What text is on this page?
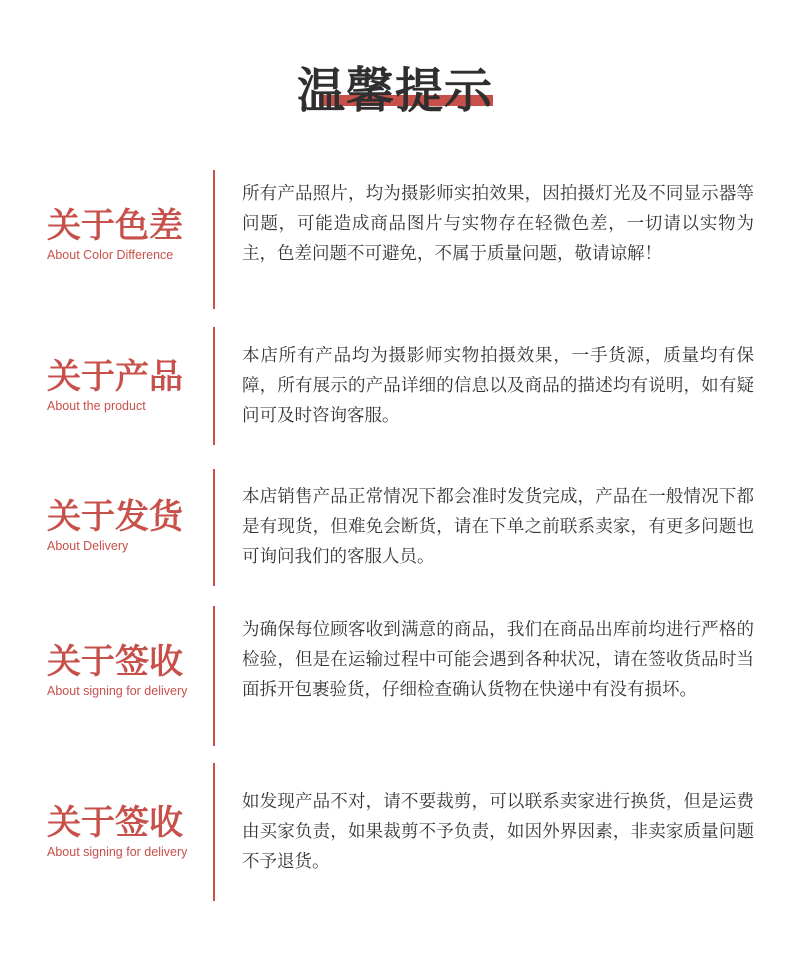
温馨提示
关于色差
About Color Difference
所有产品照片，均为摄影师实拍效果，因拍摄灯光及不同显示器等问题，可能造成商品图片与实物存在轻微色差，一切请以实物为主，色差问题不可避免，不属于质量问题，敬请谅解！
关于产品
About the product
本店所有产品均为摄影师实物拍摄效果，一手货源，质量均有保障，所有展示的产品详细的信息以及商品的描述均有说明，如有疑问可及时咨询客服。
关于发货
About Delivery
本店销售产品正常情况下都会准时发货完成，产品在一般情况下都是有现货，但难免会断货，请在下单之前联系卖家，有更多问题也可询问我们的客服人员。
关于签收
About signing for delivery
为确保每位顾客收到满意的商品，我们在商品出库前均进行严格的检验，但是在运输过程中可能会遇到各种状况，请在签收货品时当面拆开包裹验货，仔细检查确认货物在快递中有没有损坏。
关于签收
About signing for delivery
如发现产品不对，请不要裁剪，可以联系卖家进行换货，但是运费由买家负责，如果裁剪不予负责，如因外界因素，非卖家质量问题不予退货。
